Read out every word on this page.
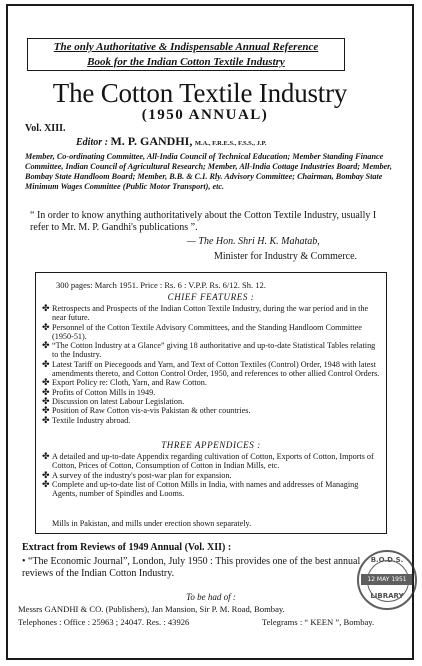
The only Authoritative & Indispensable Annual Reference
Book for the Indian Cotton Textile Industry
The Cotton Textile Industry
(1950 ANNUAL)
Vol. XIII.
Editor : M. P. GANDHI, M.A., F.R.E.S., F.S.S., J.P.
Member, Co-ordinating Committee, All-India Council of Technical Education; Member Standing Finance Committee, Indian Council of Agricultural Research; Member, All-India Cottage Industries Board; Member, Bombay State Handloom Board; Member, B.B. & C.I. Rly. Advisory Committee; Chairman, Bombay State Minimum Wages Committee (Public Motor Transport), etc.
“ In order to know anything authoritatively about the Cotton Textile Industry, usually I refer to Mr. M. P. Gandhi's publications ”.
— The Hon. Shri H. K. Mahatab,
Minister for Industry & Commerce.
300 pages: March 1951. Price : Rs. 6 : V.P.P. Rs. 6/12. Sh. 12.
CHIEF FEATURES :
✤ Retrospects and Prospects of the Indian Cotton Textile Industry, during the war period and in the near future.
✤ Personnel of the Cotton Textile Advisory Committees, and the Standing Handloom Committee (1950-51).
✤ “The Cotton Industry at a Glance” giving 18 authoritative and up-to-date Statistical Tables relating to the Industry.
✤ Latest Tariff on Piecegoods and Yarn, and Text of Cotton Textiles (Control) Order, 1948 with latest amendments thereto, and Cotton Control Order, 1950, and references to other allied Control Orders.
✤ Export Policy re: Cloth, Yarn, and Raw Cotton.
✤ Profits of Cotton Mills in 1949.
✤ Discussion on latest Labour Legislation.
✤ Position of Raw Cotton vis-a-vis Pakistan & other countries.
✤ Textile Industry abroad.
THREE APPENDICES :
✤ A detailed and up-to-date Appendix regarding cultivation of Cotton, Exports of Cotton, Imports of Cotton, Prices of Cotton, Consumption of Cotton in Indian Mills, etc.
✤ A survey of the industry's post-war plan for expansion.
✤ Complete and up-to-date list of Cotton Mills in India, with names and addresses of Managing Agents, number of Spindles and Looms.
Mills in Pakistan, and mills under erection shown separately.
Extract from Reviews of 1949 Annual (Vol. XII) :
• “The Economic Journal”, London, July 1950 : This provides one of the best annual reviews of the Indian Cotton Industry.
B.O.D.S.
12 MAY 1951
LIBRARY
To be had of :
Messrs GANDHI & CO. (Publishers), Jan Mansion, Sir P. M. Road, Bombay.
Telephones : Office : 25963 ; 24047. Res. : 43926	Telegrams : “ KEEN ”, Bombay.
